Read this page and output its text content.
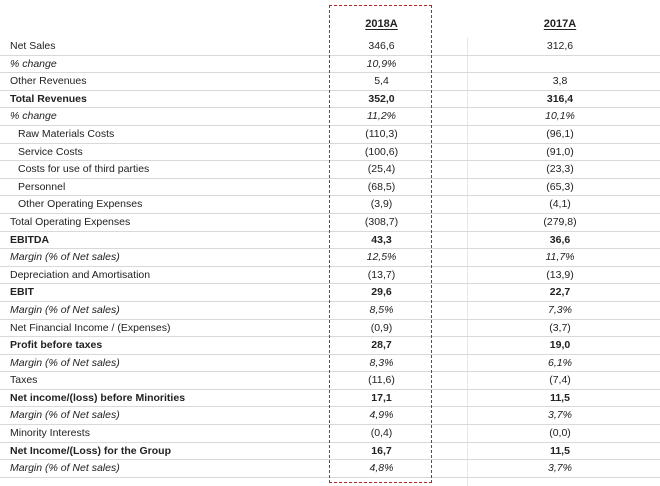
2018A	2017A
Net Sales	346,6	312,6
% change	10,9%
Other Revenues	5,4	3,8
Total Revenues	352,0	316,4
% change	11,2%	10,1%
Raw Materials Costs	(110,3)	(96,1)
Service Costs	(100,6)	(91,0)
Costs for use of third parties	(25,4)	(23,3)
Personnel	(68,5)	(65,3)
Other Operating Expenses	(3,9)	(4,1)
Total Operating Expenses	(308,7)	(279,8)
EBITDA	43,3	36,6
Margin (% of Net sales)	12,5%	11,7%
Depreciation and Amortisation	(13,7)	(13,9)
EBIT	29,6	22,7
Margin (% of Net sales)	8,5%	7,3%
Net Financial Income / (Expenses)	(0,9)	(3,7)
Profit before taxes	28,7	19,0
Margin (% of Net sales)	8,3%	6,1%
Taxes	(11,6)	(7,4)
Net income/(loss) before Minorities	17,1	11,5
Margin (% of Net sales)	4,9%	3,7%
Minority Interests	(0,4)	(0,0)
Net Income/(Loss) for the Group	16,7	11,5
Margin (% of Net sales)	4,8%	3,7%
